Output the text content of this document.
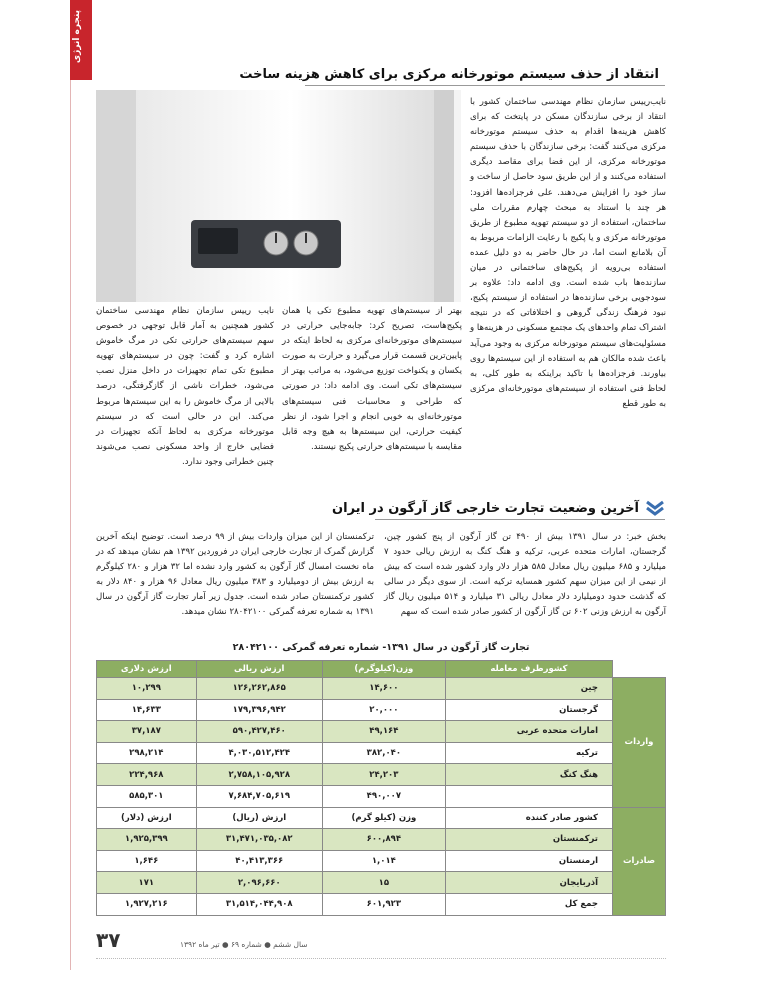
پنجره انرژی
انتقاد از حذف سیستم موتورخانه مرکزی برای کاهش هزینه ساخت

نایب‌رییس سازمان نظام مهندسی ساختمان کشور با انتقاد از برخی سازندگان مسکن در پایتخت که برای کاهش هزینه‌ها اقدام به حذف سیستم موتورخانه مرکزی می‌کنند گفت: برخی سازندگان با حذف سیستم موتورخانه مرکزی، از این فضا برای مقاصد دیگری استفاده می‌کنند و از این طریق سود حاصل از ساخت و ساز خود را افزایش می‌دهند. علی فرجزاده‌ها افزود: هر چند با استناد به مبحث چهارم مقررات ملی ساختمان، استفاده از دو سیستم تهویه مطبوع از طریق موتورخانه مرکزی و یا پکیج با رعایت الزامات مربوط به آن بلامانع است اما، در حال حاضر به دو دلیل عمده استفاده بی‌رویه از پکیج‌های ساختمانی در میان سازنده‌ها باب شده است. وی ادامه داد: علاوه بر سودجویی برخی سازنده‌ها در استفاده از سیستم پکیج، نبود فرهنگ زندگی گروهی و اختلافاتی که در نتیجه اشتراک تمام واحدهای یک مجتمع مسکونی در هزینه‌ها و مسئولیت‌های سیستم موتورخانه مرکزی به وجود می‌آید باعث شده مالکان هم به استفاده از این سیستم‌ها روی بیاورند. فرجزاده‌ها با تاکید براینکه به طور کلی، به لحاظ فنی استفاده از سیستم‌های موتورخانه‌ای مرکزی به طور قطع

بهتر از سیستم‌های تهویه مطبوع تکی یا همان پکیج‌هاست، تصریح کرد: جابه‌جایی حرارتی در سیستم‌های موتورخانه‌ای مرکزی به لحاظ اینکه در پایین‌ترین قسمت قرار می‌گیرد و حرارت به صورت یکسان و یکنواخت توزیع می‌شود، به مراتب بهتر از سیستم‌های تکی است. وی ادامه داد: در صورتی که طراحی و محاسبات فنی سیستم‌های موتورخانه‌ای به خوبی انجام و اجرا شود، از نظر کیفیت حرارتی، این سیستم‌ها به هیچ وجه قابل مقایسه با سیستم‌های حرارتی پکیج نیستند.

نایب رییس سازمان نظام مهندسی ساختمان کشور همچنین به آمار قابل توجهی در خصوص سهم سیستم‌های حرارتی تکی در مرگ خاموش اشاره کرد و گفت: چون در سیستم‌های تهویه مطبوع تکی تمام تجهیزات در داخل منزل نصب می‌شود، خطرات ناشی از گازگرفتگی، درصد بالایی از مرگ خاموش را به این سیستم‌ها مربوط می‌کند. این در حالی است که در سیستم موتورخانه مرکزی به لحاظ آنکه تجهیزات در فضایی خارج از واحد مسکونی نصب می‌شوند چنین خطراتی وجود ندارد.

آخرین وضعیت تجارت خارجی گاز آرگون در ایران

بخش خبر: در سال ۱۳۹۱ بیش از ۴۹۰ تن گاز آرگون از پنج کشور چین، گرجستان، امارات متحده عربی، ترکیه و هنگ کنگ به ارزش ریالی حدود ۷ میلیارد و ۶۸۵ میلیون ریال معادل ۵۸۵ هزار دلار وارد کشور شده است که بیش از نیمی از این میزان سهم کشور همسایه ترکیه است. از سوی دیگر در سالی که گذشت حدود دومیلیارد دلار معادل ریالی ۳۱ میلیارد و ۵۱۴ میلیون ریال گاز آرگون به ارزش وزنی ۶۰۲ تن گاز آرگون از کشور صادر شده است که سهم

ترکمنستان از این میزان واردات بیش از ۹۹ درصد است. توضیح اینکه آخرین گزارش گمرک از تجارت خارجی ایران در فروردین ۱۳۹۲ هم نشان میدهد که در ماه نخست امسال گاز آرگون به کشور وارد نشده اما ۳۲ هزار و ۲۸۰ کیلوگرم به ارزش بیش از دومیلیارد و ۳۸۳ میلیون ریال معادل ۹۶ هزار و ۸۴۰ دلار به کشور ترکمنستان صادر شده است. جدول زیر آمار تجارت گاز آرگون در سال ۱۳۹۱ به شماره تعرفه گمرکی ۲۸۰۴۲۱۰۰ نشان میدهد.

تجارت گاز آرگون در سال ۱۳۹۱- شماره تعرفه گمرکی ۲۸۰۴۲۱۰۰
	کشورطرف معامله	وزن(کیلوگرم)	ارزش ریالی	ارزش دلاری
واردات	چین	۱۴,۶۰۰	۱۲۶,۲۶۲,۸۶۵	۱۰,۲۹۹
	گرجستان	۲۰,۰۰۰	۱۷۹,۳۹۶,۹۴۲	۱۴,۶۳۳
	امارات متحده عربی	۴۹,۱۶۴	۵۹۰,۴۲۷,۴۶۰	۳۷,۱۸۷
	ترکیه	۳۸۲,۰۴۰	۴,۰۳۰,۵۱۲,۴۲۴	۲۹۸,۲۱۴
	هنگ کنگ	۲۴,۲۰۳	۲,۷۵۸,۱۰۵,۹۲۸	۲۲۴,۹۶۸
		۴۹۰,۰۰۷	۷,۶۸۴,۷۰۵,۶۱۹	۵۸۵,۳۰۱
صادرات	کشور صادر کننده	وزن (کیلو گرم)	ارزش (ریال)	ارزش (دلار)
	ترکمنستان	۶۰۰,۸۹۴	۳۱,۴۷۱,۰۳۵,۰۸۲	۱,۹۲۵,۳۹۹
	ارمنستان	۱,۰۱۴	۴۰,۴۱۳,۳۶۶	۱,۶۴۶
	آذربایجان	۱۵	۲,۰۹۶,۶۶۰	۱۷۱
	جمع کل	۶۰۱,۹۲۳	۳۱,۵۱۴,۰۴۴,۹۰۸	۱,۹۲۷,۲۱۶
۳۷	سال ششم ● شماره ۶۹ ● تیر ماه ۱۳۹۲
